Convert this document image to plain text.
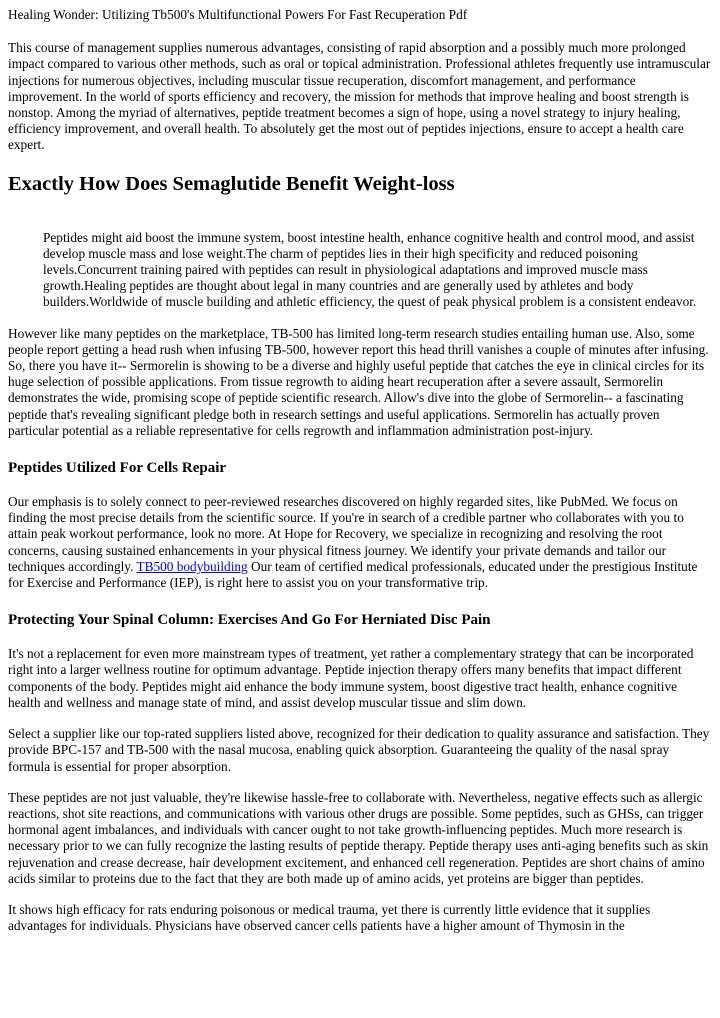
Healing Wonder: Utilizing Tb500's Multifunctional Powers For Fast Recuperation Pdf

This course of management supplies numerous advantages, consisting of rapid absorption and a possibly much more prolonged impact compared to various other methods, such as oral or topical administration. Professional athletes frequently use intramuscular injections for numerous objectives, including muscular tissue recuperation, discomfort management, and performance improvement. In the world of sports efficiency and recovery, the mission for methods that improve healing and boost strength is nonstop. Among the myriad of alternatives, peptide treatment becomes a sign of hope, using a novel strategy to injury healing, efficiency improvement, and overall health. To absolutely get the most out of peptides injections, ensure to accept a health care expert.

Exactly How Does Semaglutide Benefit Weight-loss

Peptides might aid boost the immune system, boost intestine health, enhance cognitive health and control mood, and assist develop muscle mass and lose weight.The charm of peptides lies in their high specificity and reduced poisoning levels.Concurrent training paired with peptides can result in physiological adaptations and improved muscle mass growth.Healing peptides are thought about legal in many countries and are generally used by athletes and body builders.Worldwide of muscle building and athletic efficiency, the quest of peak physical problem is a consistent endeavor.

However like many peptides on the marketplace, TB-500 has limited long-term research studies entailing human use. Also, some people report getting a head rush when infusing TB-500, however report this head thrill vanishes a couple of minutes after infusing. So, there you have it-- Sermorelin is showing to be a diverse and highly useful peptide that catches the eye in clinical circles for its huge selection of possible applications. From tissue regrowth to aiding heart recuperation after a severe assault, Sermorelin demonstrates the wide, promising scope of peptide scientific research. Allow's dive into the globe of Sermorelin-- a fascinating peptide that's revealing significant pledge both in research settings and useful applications. Sermorelin has actually proven particular potential as a reliable representative for cells regrowth and inflammation administration post-injury.

Peptides Utilized For Cells Repair

Our emphasis is to solely connect to peer-reviewed researches discovered on highly regarded sites, like PubMed. We focus on finding the most precise details from the scientific source. If you're in search of a credible partner who collaborates with you to attain peak workout performance, look no more. At Hope for Recovery, we specialize in recognizing and resolving the root concerns, causing sustained enhancements in your physical fitness journey. We identify your private demands and tailor our techniques accordingly. TB500 bodybuilding Our team of certified medical professionals, educated under the prestigious Institute for Exercise and Performance (IEP), is right here to assist you on your transformative trip.

Protecting Your Spinal Column: Exercises And Go For Herniated Disc Pain

It's not a replacement for even more mainstream types of treatment, yet rather a complementary strategy that can be incorporated right into a larger wellness routine for optimum advantage. Peptide injection therapy offers many benefits that impact different components of the body. Peptides might aid enhance the body immune system, boost digestive tract health, enhance cognitive health and wellness and manage state of mind, and assist develop muscular tissue and slim down.

Select a supplier like our top-rated suppliers listed above, recognized for their dedication to quality assurance and satisfaction. They provide BPC-157 and TB-500 with the nasal mucosa, enabling quick absorption. Guaranteeing the quality of the nasal spray formula is essential for proper absorption.

These peptides are not just valuable, they're likewise hassle-free to collaborate with. Nevertheless, negative effects such as allergic reactions, shot site reactions, and communications with various other drugs are possible. Some peptides, such as GHSs, can trigger hormonal agent imbalances, and individuals with cancer ought to not take growth-influencing peptides. Much more research is necessary prior to we can fully recognize the lasting results of peptide therapy. Peptide therapy uses anti-aging benefits such as skin rejuvenation and crease decrease, hair development excitement, and enhanced cell regeneration. Peptides are short chains of amino acids similar to proteins due to the fact that they are both made up of amino acids, yet proteins are bigger than peptides.

It shows high efficacy for rats enduring poisonous or medical trauma, yet there is currently little evidence that it supplies advantages for individuals. Physicians have observed cancer cells patients have a higher amount of Thymosin in the
